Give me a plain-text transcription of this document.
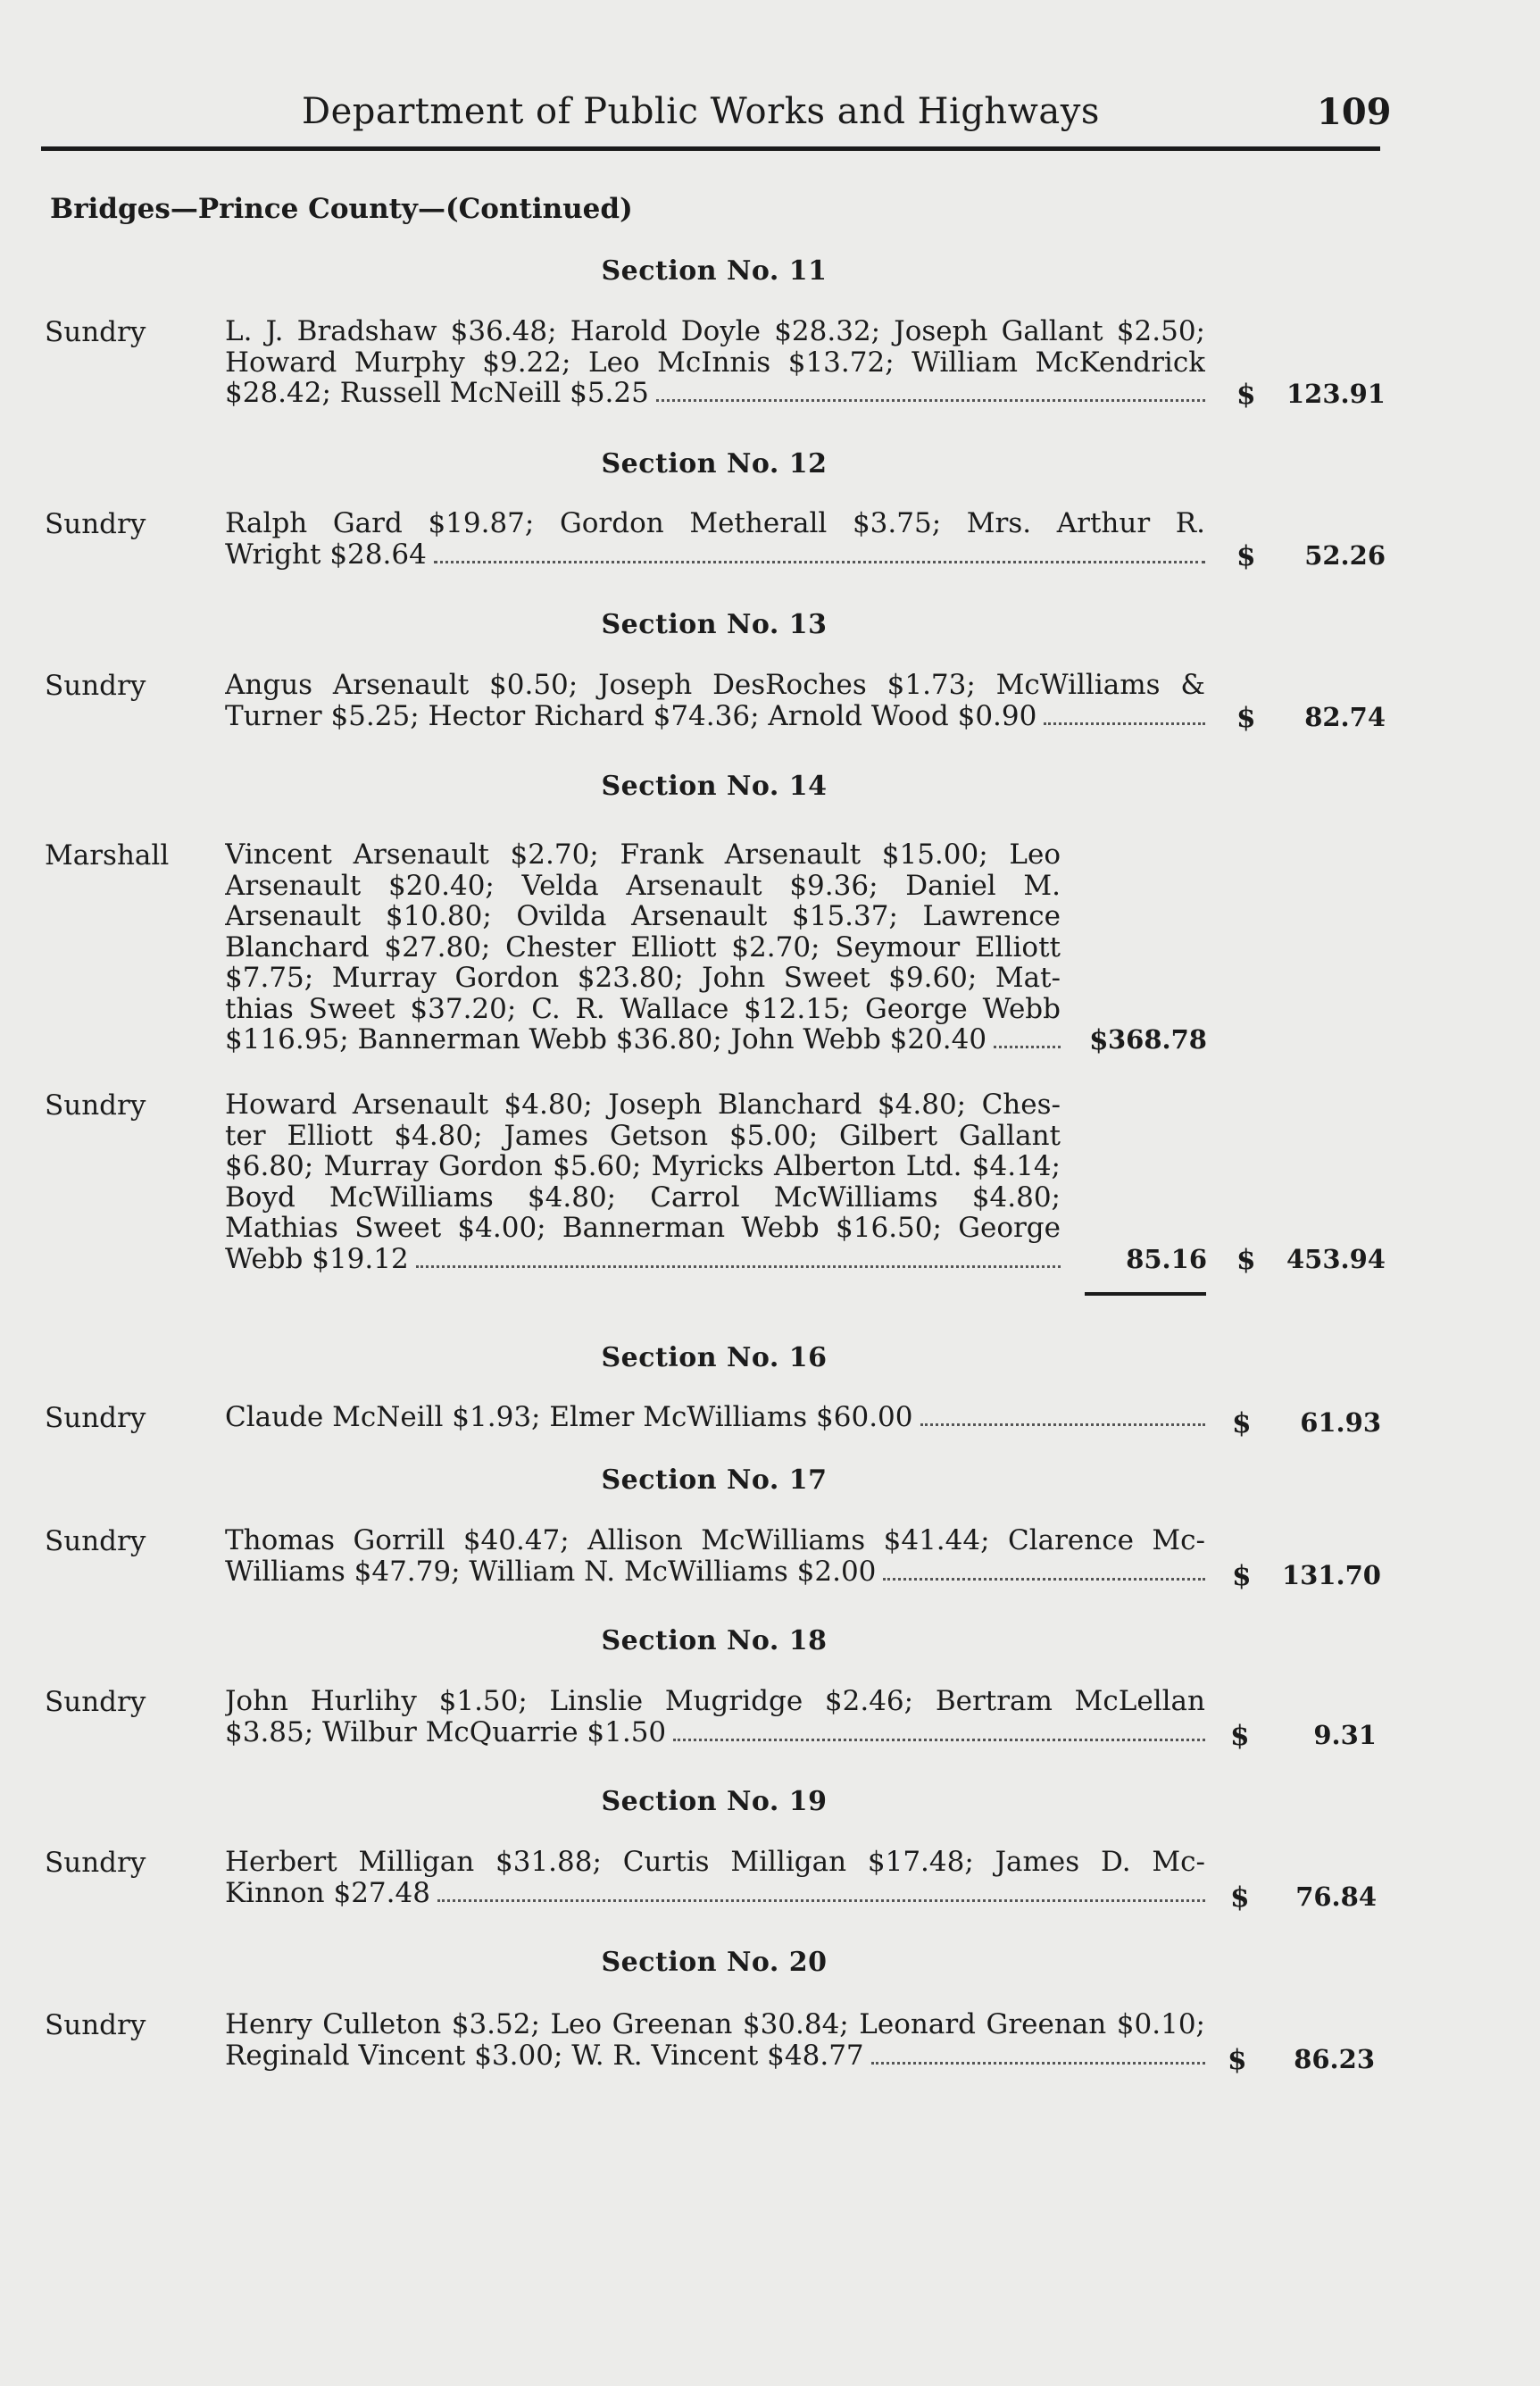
Department of Public Works and Highways	109
Bridges—Prince County—(Continued)
Section No. 11
Sundry	L. J. Bradshaw $36.48; Harold Doyle $28.32; Joseph Gallant $2.50;
Howard Murphy $9.22; Leo McInnis $13.72; William McKendrick
$28.42; Russell McNeill $5.25	$	123.91
Section No. 12
Sundry	Ralph Gard $19.87; Gordon Metherall $3.75; Mrs. Arthur R.
Wright $28.64	$	52.26
Section No. 13
Sundry	Angus Arsenault $0.50; Joseph DesRoches $1.73; McWilliams &
Turner $5.25; Hector Richard $74.36; Arnold Wood $0.90	$	82.74
Section No. 14
Marshall Vincent Arsenault $2.70; Frank Arsenault $15.00; Leo
Arsenault $20.40; Velda Arsenault $9.36; Daniel M.
Arsenault $10.80; Ovilda Arsenault $15.37; Lawrence
Blanchard $27.80; Chester Elliott $2.70; Seymour Elliott
$7.75; Murray Gordon $23.80; John Sweet $9.60; Mat-
thias Sweet $37.20; C. R. Wallace $12.15; George Webb
$116.95; Bannerman Webb $36.80; John Webb $20.40	$ 368.78
Sundry	Howard Arsenault $4.80; Joseph Blanchard $4.80; Ches-
ter Elliott $4.80; James Getson $5.00; Gilbert Gallant
$6.80; Murray Gordon $5.60; Myricks Alberton Ltd. $4.14;
Boyd McWilliams $4.80; Carrol McWilliams $4.80;
Mathias Sweet $4.00; Bannerman Webb $16.50; George
Webb $19.12	85.16 $	453.94
Section No. 16
Sundry	Claude McNeill $1.93; Elmer McWilliams $60.00	$	61.93
Section No. 17
Sundry	Thomas Gorrill $40.47; Allison McWilliams $41.44; Clarence Mc-
Williams $47.79; William N. McWilliams $2.00	$	131.70
Section No. 18
Sundry	John Hurlihy $1.50; Linslie Mugridge $2.46; Bertram McLellan
$3.85; Wilbur McQuarrie $1.50	$	9.31
Section No. 19
Sundry	Herbert Milligan $31.88; Curtis Milligan $17.48; James D. Mc-
Kinnon $27.48	$	76.84
Section No. 20
Sundry	Henry Culleton $3.52; Leo Greenan $30.84; Leonard Greenan $0.10;
Reginald Vincent $3.00; W. R. Vincent $48.77	$	86.23
